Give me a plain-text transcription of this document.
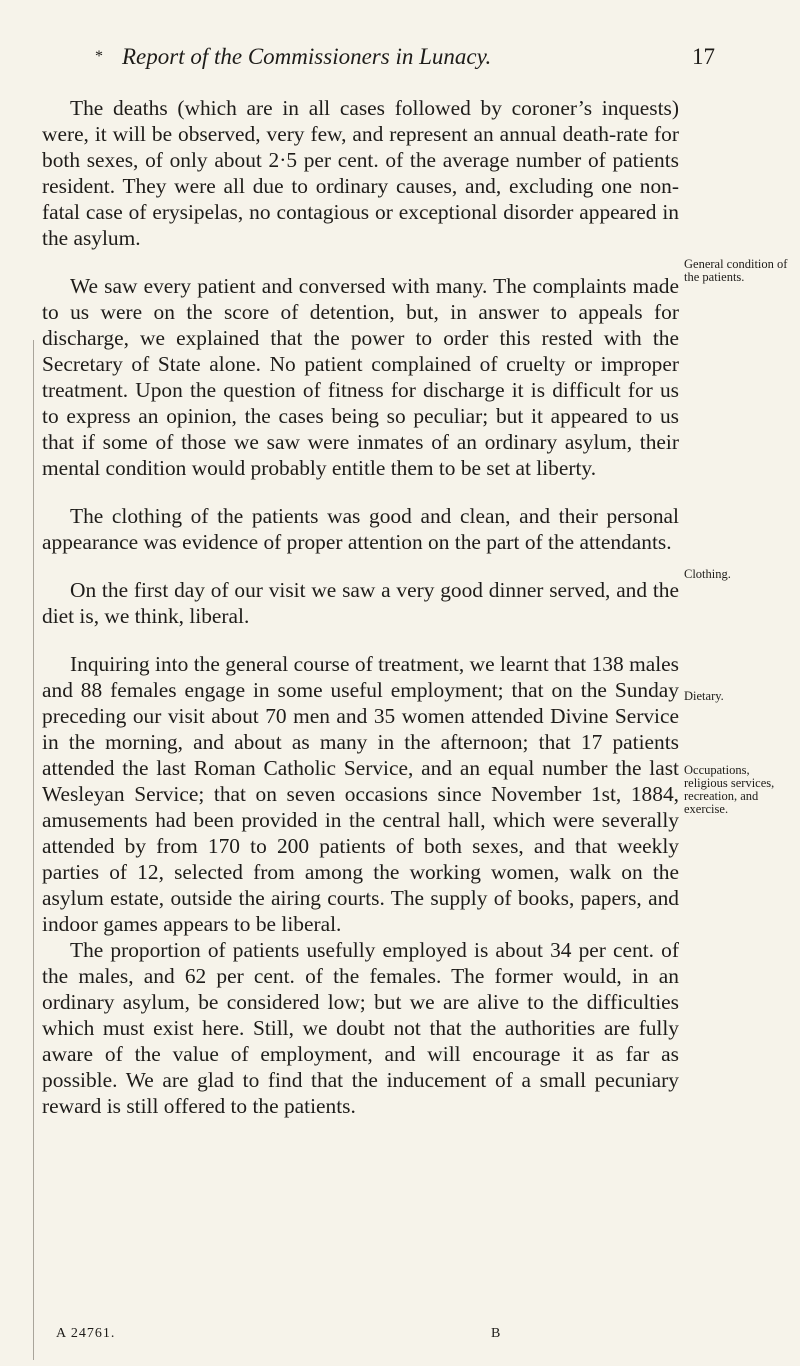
* Report of the Commissioners in Lunacy.	17

The deaths (which are in all cases followed by coroner’s inquests) were, it will be observed, very few, and represent an annual death-rate for both sexes, of only about 2·5 per cent. of the average number of patients resident. They were all due to ordinary causes, and, excluding one non-fatal case of erysipelas, no contagious or exceptional disorder appeared in the asylum.

We saw every patient and conversed with many. The complaints made to us were on the score of detention, but, in answer to appeals for discharge, we explained that the power to order this rested with the Secretary of State alone. No patient complained of cruelty or improper treatment. Upon the question of fitness for discharge it is difficult for us to express an opinion, the cases being so peculiar; but it appeared to us that if some of those we saw were inmates of an ordinary asylum, their mental condition would probably entitle them to be set at liberty.

The clothing of the patients was good and clean, and their personal appearance was evidence of proper attention on the part of the attendants.

On the first day of our visit we saw a very good dinner served, and the diet is, we think, liberal.

Inquiring into the general course of treatment, we learnt that 138 males and 88 females engage in some useful employment; that on the Sunday preceding our visit about 70 men and 35 women attended Divine Service in the morning, and about as many in the afternoon; that 17 patients attended the last Roman Catholic Service, and an equal number the last Wesleyan Service; that on seven occasions since November 1st, 1884, amusements had been provided in the central hall, which were severally attended by from 170 to 200 patients of both sexes, and that weekly parties of 12, selected from among the working women, walk on the asylum estate, outside the airing courts. The supply of books, papers, and indoor games appears to be liberal.

The proportion of patients usefully employed is about 34 per cent. of the males, and 62 per cent. of the females. The former would, in an ordinary asylum, be considered low; but we are alive to the difficulties which must exist here. Still, we doubt not that the authorities are fully aware of the value of employment, and will encourage it as far as possible. We are glad to find that the inducement of a small pecuniary reward is still offered to the patients.

General condition of the patients.
Clothing.
Dietary.
Occupations, religious services, recreation, and exercise.
A 24761.	B
